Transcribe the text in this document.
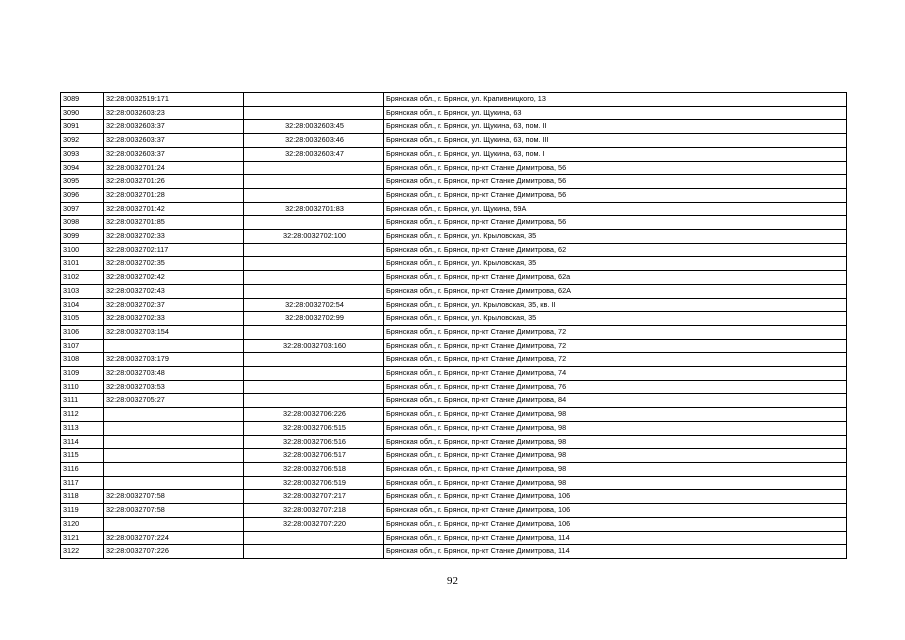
3089	32:28:0032519:171		Брянская обл., г. Брянск, ул. Крапивницкого, 13
3090	32:28:0032603:23		Брянская обл., г. Брянск, ул. Щукина, 63
3091	32:28:0032603:37	32:28:0032603:45	Брянская обл., г. Брянск, ул. Щукина, 63, пом. II
3092	32:28:0032603:37	32:28:0032603:46	Брянская обл., г. Брянск, ул. Щукина, 63, пом. III
3093	32:28:0032603:37	32:28:0032603:47	Брянская обл., г. Брянск, ул. Щукина, 63, пом. I
3094	32:28:0032701:24		Брянская обл., г. Брянск, пр-кт Станке Димитрова, 56
3095	32:28:0032701:26		Брянская обл., г. Брянск, пр-кт Станке Димитрова, 56
3096	32:28:0032701:28		Брянская обл., г. Брянск, пр-кт Станке Димитрова, 56
3097	32:28:0032701:42	32:28:0032701:83	Брянская обл., г. Брянск, ул. Щукина, 59А
3098	32:28:0032701:85		Брянская обл., г. Брянск, пр-кт Станке Димитрова, 56
3099	32:28:0032702:33	32:28:0032702:100	Брянская обл., г. Брянск, ул. Крыловская, 35
3100	32:28:0032702:117		Брянская обл., г. Брянск, пр-кт Станке Димитрова, 62
3101	32:28:0032702:35		Брянская обл., г. Брянск, ул. Крыловская, 35
3102	32:28:0032702:42		Брянская обл., г. Брянск, пр-кт Станке Димитрова, 62а
3103	32:28:0032702:43		Брянская обл., г. Брянск, пр-кт Станке Димитрова, 62А
3104	32:28:0032702:37	32:28:0032702:54	Брянская обл., г. Брянск, ул. Крыловская, 35, кв. II
3105	32:28:0032702:33	32:28:0032702:99	Брянская обл., г. Брянск, ул. Крыловская, 35
3106	32:28:0032703:154		Брянская обл., г. Брянск, пр-кт Станке Димитрова, 72
3107		32:28:0032703:160	Брянская обл., г. Брянск, пр-кт Станке Димитрова, 72
3108	32:28:0032703:179		Брянская обл., г. Брянск, пр-кт Станке Димитрова, 72
3109	32:28:0032703:48		Брянская обл., г. Брянск, пр-кт Станке Димитрова, 74
3110	32:28:0032703:53		Брянская обл., г. Брянск, пр-кт Станке Димитрова, 76
3111	32:28:0032705:27		Брянская обл., г. Брянск, пр-кт Станке Димитрова, 84
3112		32:28:0032706:226	Брянская обл., г. Брянск, пр-кт Станке Димитрова, 98
3113		32:28:0032706:515	Брянская обл., г. Брянск, пр-кт Станке Димитрова, 98
3114		32:28:0032706:516	Брянская обл., г. Брянск, пр-кт Станке Димитрова, 98
3115		32:28:0032706:517	Брянская обл., г. Брянск, пр-кт Станке Димитрова, 98
3116		32:28:0032706:518	Брянская обл., г. Брянск, пр-кт Станке Димитрова, 98
3117		32:28:0032706:519	Брянская обл., г. Брянск, пр-кт Станке Димитрова, 98
3118	32:28:0032707:58	32:28:0032707:217	Брянская обл., г. Брянск, пр-кт Станке Димитрова, 106
3119	32:28:0032707:58	32:28:0032707:218	Брянская обл., г. Брянск, пр-кт Станке Димитрова, 106
3120		32:28:0032707:220	Брянская обл., г. Брянск, пр-кт Станке Димитрова, 106
3121	32:28:0032707:224		Брянская обл., г. Брянск, пр-кт Станке Димитрова, 114
3122	32:28:0032707:226		Брянская обл., г. Брянск, пр-кт Станке Димитрова, 114
92
